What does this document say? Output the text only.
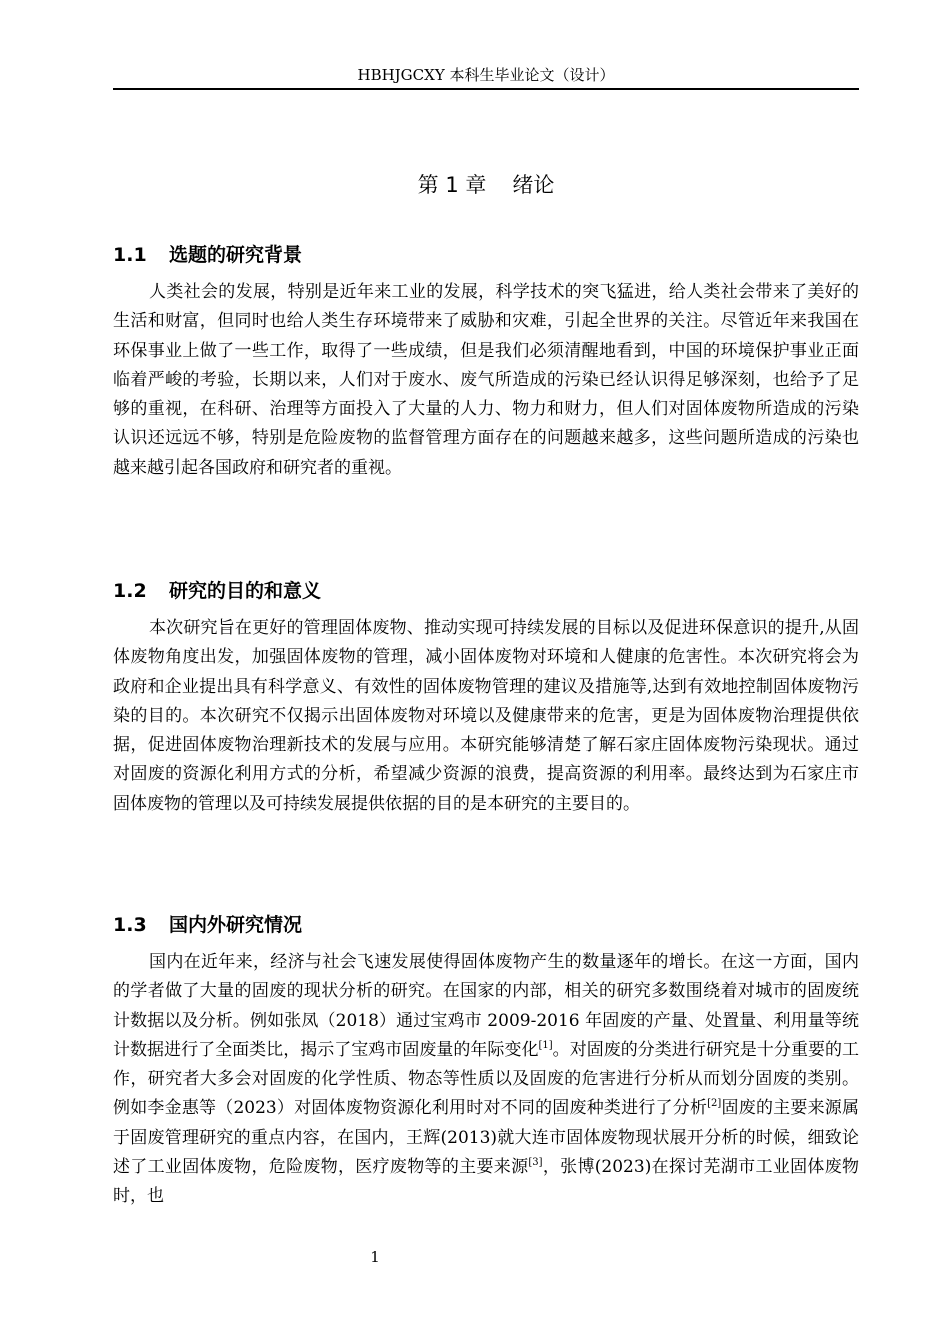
HBHJGCXY 本科生毕业论文（设计）
第 1 章 绪论
1.1 选题的研究背景

人类社会的发展，特别是近年来工业的发展，科学技术的突飞猛进，给人类社会带来了美好的生活和财富，但同时也给人类生存环境带来了威胁和灾难，引起全世界的关注。尽管近年来我国在环保事业上做了一些工作，取得了一些成绩，但是我们必须清醒地看到，中国的环境保护事业正面临着严峻的考验，长期以来，人们对于废水、废气所造成的污染已经认识得足够深刻，也给予了足够的重视，在科研、治理等方面投入了大量的人力、物力和财力，但人们对固体废物所造成的污染认识还远远不够，特别是危险废物的监督管理方面存在的问题越来越多，这些问题所造成的污染也越来越引起各国政府和研究者的重视。

1.2 研究的目的和意义

本次研究旨在更好的管理固体废物、推动实现可持续发展的目标以及促进环保意识的提升,从固体废物角度出发，加强固体废物的管理，减小固体废物对环境和人健康的危害性。本次研究将会为政府和企业提出具有科学意义、有效性的固体废物管理的建议及措施等,达到有效地控制固体废物污染的目的。本次研究不仅揭示出固体废物对环境以及健康带来的危害，更是为固体废物治理提供依据，促进固体废物治理新技术的发展与应用。本研究能够清楚了解石家庄固体废物污染现状。通过对固废的资源化利用方式的分析，希望减少资源的浪费，提高资源的利用率。最终达到为石家庄市固体废物的管理以及可持续发展提供依据的目的是本研究的主要目的。

1.3 国内外研究情况

国内在近年来，经济与社会飞速发展使得固体废物产生的数量逐年的增长。在这一方面，国内的学者做了大量的固废的现状分析的研究。在国家的内部，相关的研究多数围绕着对城市的固废统计数据以及分析。例如张凤（2018）通过宝鸡市 2009-2016 年固废的产量、处置量、利用量等统计数据进行了全面类比，揭示了宝鸡市固废量的年际变化[1]。对固废的分类进行研究是十分重要的工作，研究者大多会对固废的化学性质、物态等性质以及固废的危害进行分析从而划分固废的类别。例如李金惠等（2023）对固体废物资源化利用时对不同的固废种类进行了分析[2]固废的主要来源属于固废管理研究的重点内容，在国内，王辉(2013)就大连市固体废物现状展开分析的时候，细致论述了工业固体废物，危险废物，医疗废物等的主要来源[3]，张博(2023)在探讨芜湖市工业固体废物时，也

1
